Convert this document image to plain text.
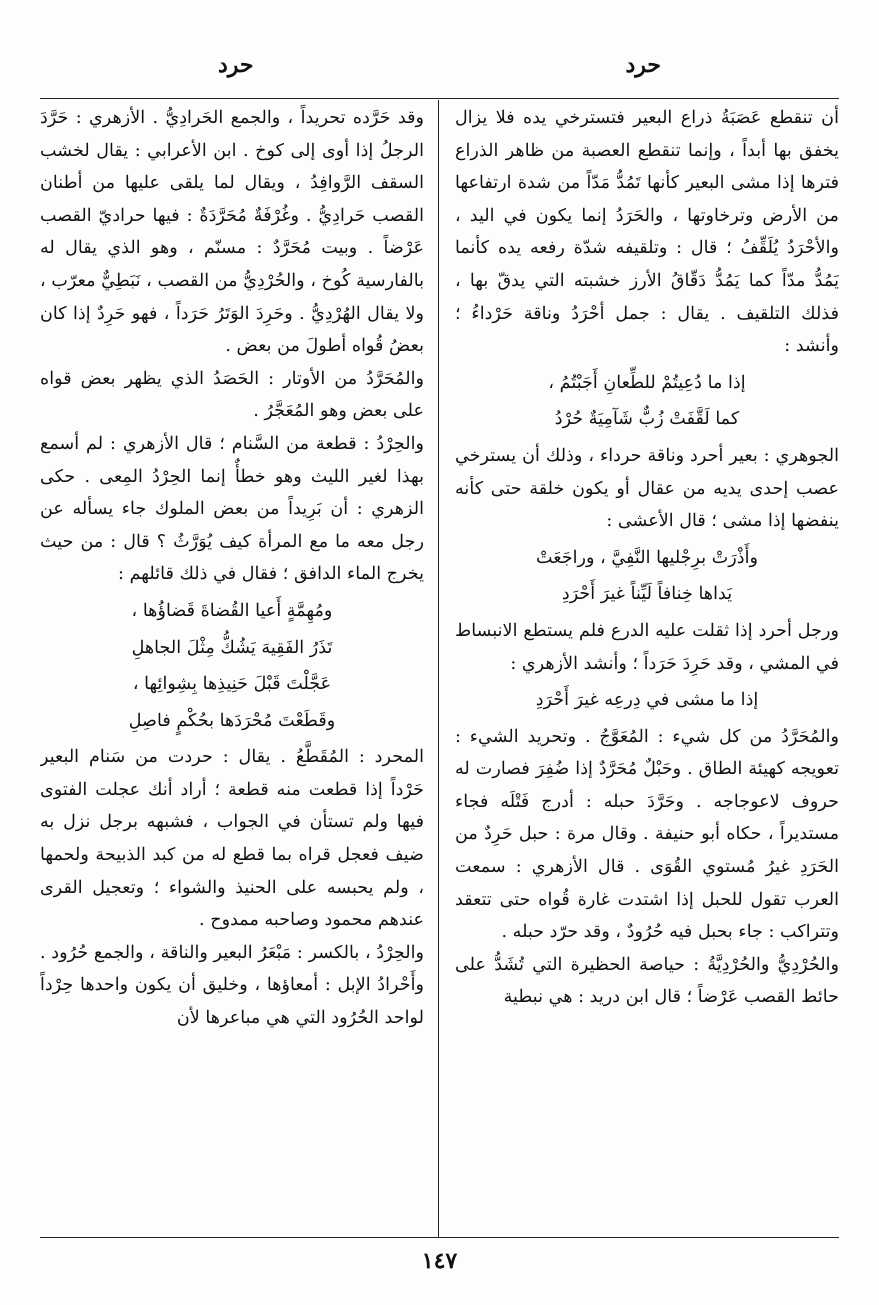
حرد
حرد

أن تنقطع عَصَبَةُ ذراع البعير فتسترخي يده فلا يزال يخفق بها أبداً ، وإنما تنقطع العصبة من ظاهر الذراع فترها إذا مشى البعير كأنها تَمُدُّ مَدّاً من شدة ارتفاعها من الأرض وترخاوتها ، والحَرَدُ إنما يكون في اليد ، والأحْرَدُ يُلَقِّفُ ؛ قال : وتلقيفه شدّة رفعه يده كأنما يَمُدُّ مدّاً كما يَمُدُّ دَقّاقُ الأرز خشبته التي يدقّ بها ، فذلك التلقيف . يقال : جمل أحْرَدُ وناقة حَرْداءُ ؛ وأنشد :

إذا ما دُعِيتُمْ للطِّعانِ أَجَبْتُمُ ،

كما لَقَّفَتْ زُبٌّ شَآمِيَةٌ حُرْدُ

الجوهري : بعير أحرد وناقة حرداء ، وذلك أن يسترخي عصب إحدى يديه من عقال أو يكون خلقة حتى كأنه ينفضها إذا مشى ؛ قال الأعشى :

وأَذْرَتْ برِجْليها النَّفِيَّ ، وراجَعَتْ

يَداها خِنافاً لَيِّناً غيرَ أَحْرَدِ

ورجل أحرد إذا ثقلت عليه الدرع فلم يستطع الانبساط في المشي ، وقد حَرِدَ حَرَداً ؛ وأنشد الأزهري :

إذا ما مشى في دِرعِه غيرَ أَحْرَدِ

والمُحَرَّدُ من كل شيء : المُعَوَّجُ . وتحريد الشيء : تعويجه كهيئة الطاق . وحَبْلٌ مُحَرَّدٌ إذا ضُفِرَ فصارت له حروف لاعوجاجه . وحَرَّدَ حبله : أدرج فَتْلَه فجاء مستديراً ، حكاه أبو حنيفة . وقال مرة : حبل حَرِدٌ من الحَرَدِ غيرُ مُستوي القُوَى . قال الأزهري : سمعت العرب تقول للحبل إذا اشتدت غارة قُواه حتى تتعقد وتتراكب : جاء بحبل فيه حُرُودٌ ، وقد حرّد حبله .

والحُرْدِيُّ والحُرْدِيَّةُ : حياصة الحظيرة التي تُشَدُّ على حائط القصب عَرْضاً ؛ قال ابن دريد : هي نبطية

وقد حَرَّده تحريداً ، والجمع الحَرادِيُّ . الأزهري : حَرَّدَ الرجلُ إذا أوى إلى كوخ . ابن الأعرابي : يقال لخشب السقف الرَّوافِدُ ، ويقال لما يلقى عليها من أطنان القصب حَرادِيُّ . وغُرْفَةٌ مُحَرَّدَةٌ : فيها حراديّ القصب عَرْضاً . وبيت مُحَرَّدٌ : مسنّم ، وهو الذي يقال له بالفارسية كُوخ ، والحُرْدِيُّ من القصب ، نَبَطِيٌّ معرّب ، ولا يقال الهُرْدِيُّ . وحَرِدَ الوَتَرُ حَرَداً ، فهو حَرِدٌ إذا كان بعضُ قُواه أطولَ من بعض .

والمُحَرَّدُ من الأوتار : الحَصَدُ الذي يظهر بعض قواه على بعض وهو المُعَجَّرُ .

والحِرْدُ : قطعة من السَّنام ؛ قال الأزهري : لم أسمع بهذا لغير الليث وهو خطأٌ إنما الحِرْدُ المِعى . حكى الزهري : أن بَرِيداً من بعض الملوك جاء يسأله عن رجل معه ما مع المرأة كيف يُوَرَّثُ ؟ قال : من حيث يخرج الماء الدافق ؛ فقال في ذلك قائلهم :

ومُهِمَّةٍ أَعيا القُضاةَ قَضاؤُها ،

تَذَرُ الفَقِيهَ يَشُكُّ مِثْلَ الجاهلِ

عَجَّلْتَ قَبْلَ حَنِيذِها بِشِوائِها ،

وقَطَعْتَ مُحْرَدَها بحُكْمٍ فاصِلِ

المحرد : المُقَطَّعُ . يقال : حردت من سَنام البعير حَرْداً إذا قطعت منه قطعة ؛ أراد أنك عجلت الفتوى فيها ولم تستأن في الجواب ، فشبهه برجل نزل به ضيف فعجل قراه بما قطع له من كبد الذبيحة ولحمها ، ولم يحبسه على الحنيذ والشواء ؛ وتعجيل القرى عندهم محمود وصاحبه ممدوح .

والحِرْدُ ، بالكسر : مَبْعَرُ البعير والناقة ، والجمع حُرُود . وأَحْرادُ الإبل : أمعاؤها ، وخليق أن يكون واحدها حِرْداً لواحد الحُرُود التي هي مباعرها لأن

١٤٧
